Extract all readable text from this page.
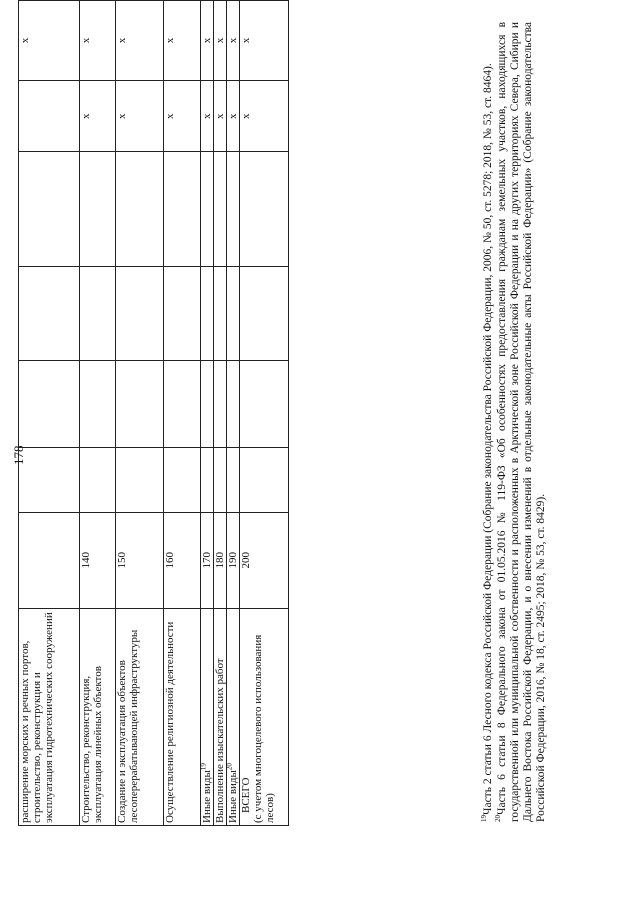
178
расширение морских и речных портов, строительство, реконструкция и эксплуатация гидротехнических сооружений							х
Строительство, реконструкция, эксплуатация линейных объектов	140					х	х
Создание и эксплуатация объектов лесоперерабатывающей инфраструктуры	150					х	х
Осуществление религиозной деятельности	160					х	х
Иные виды$^{19}$	170					х	х
Выполнение изыскательских работ	180					х	х
Иные виды$^{20}$	190					х	х

ВСЕГО (с учетом многоцелевого использования лесов)	200					х	х

$^{19}$Часть 2 статьи 6 Лесного кодекса Российской Федерации (Собрание законодательства Российской Федерации, 2006, № 50, ст. 5278; 2018, № 53, ст. 8464).

$^{20}$Часть 6 статьи 8 Федерального закона от 01.05.2016 № 119-ФЗ «Об особенностях предоставления гражданам земельных участков, находящихся в государственной или муниципальной собственности и расположенных в Арктической зоне Российской Федерации и на других территориях Севера, Сибири и Дальнего Востока Российской Федерации, и о внесении изменений в отдельные законодательные акты Российской Федерации» (Собрание законодательства Российской Федерации, 2016, № 18, ст. 2495; 2018, № 53, ст. 8429).
